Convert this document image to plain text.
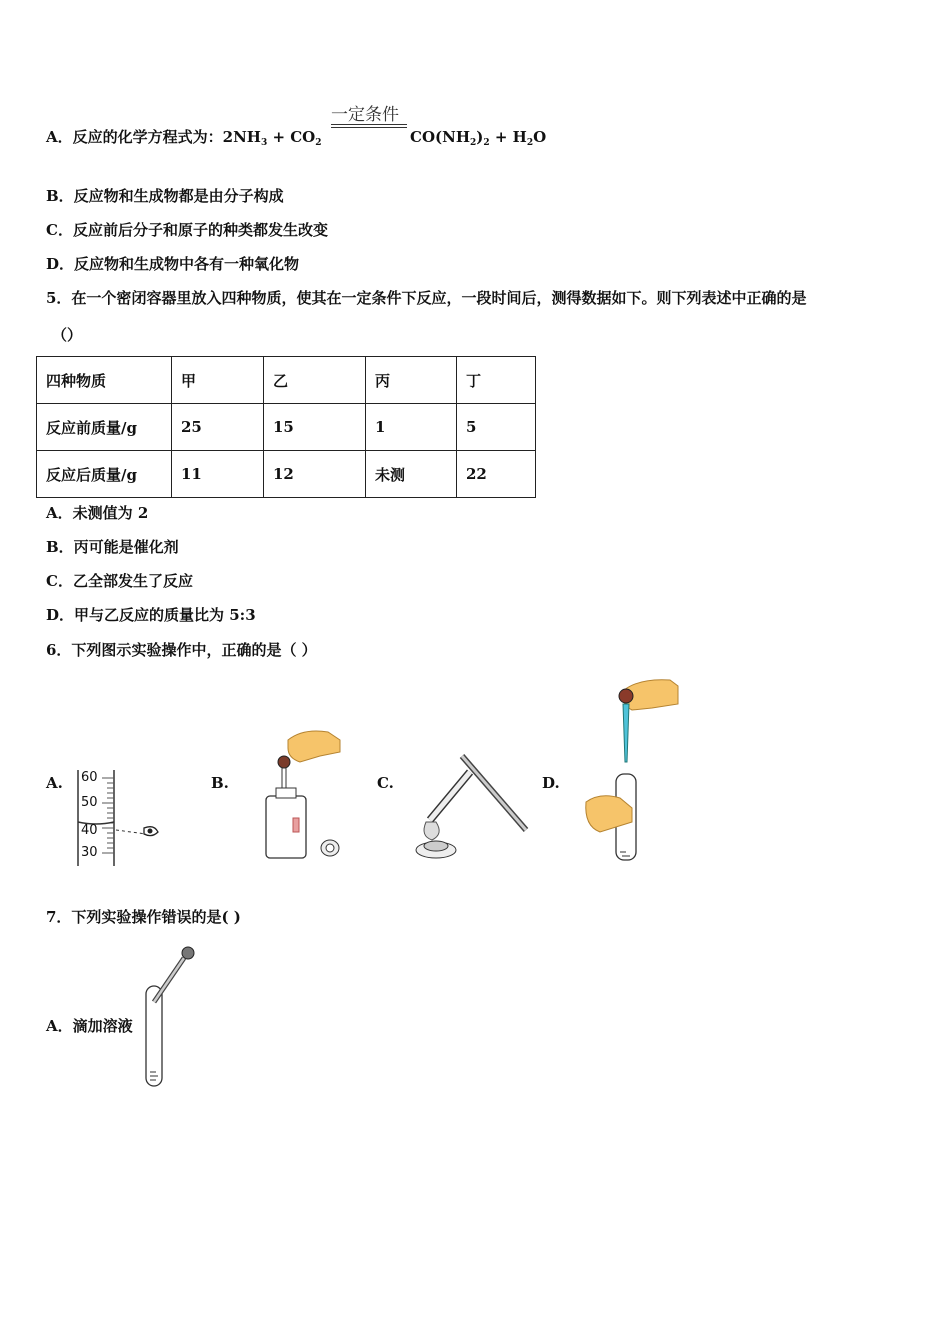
一定条件
A．反应的化学方程式为：$2NH_3 + CO_2$	$CO(NH_2)_2 + H_2O$
B．反应物和生成物都是由分子构成
C．反应前后分子和原子的种类都发生改变
D．反应物和生成物中各有一种氧化物
5．在一个密闭容器里放入四种物质，使其在一定条件下反应，一段时间后，测得数据如下。则下列表述中正确的是
（）
四种物质	甲	乙	丙	丁
反应前质量/g	25	15	1	5
反应后质量/g	11	12	未测	22
A．未测值为 2
B．丙可能是催化剂
C．乙全部发生了反应
D．甲与乙反应的质量比为 5:3
6．下列图示实验操作中，正确的是（ ）
A.	B.	C.	D.
60
50
40
30
7．下列实验操作错误的是( )
A．滴加溶液
